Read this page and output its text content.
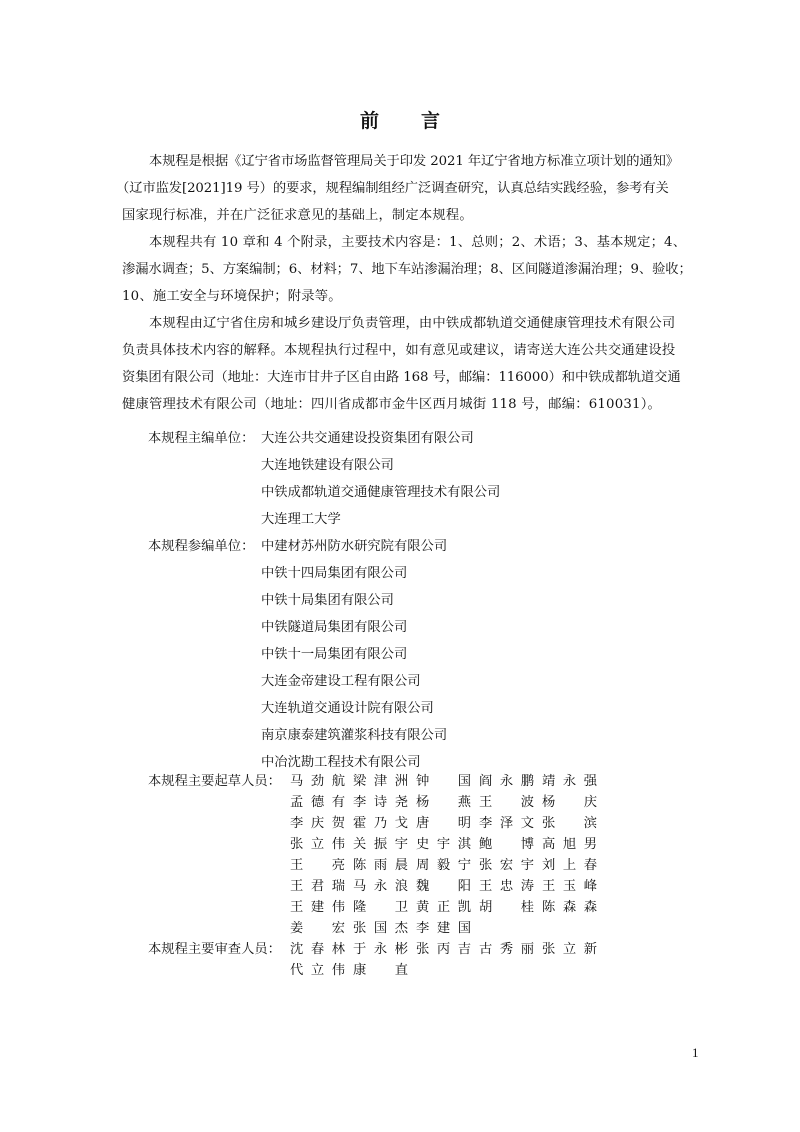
前 言
本规程是根据《辽宁省市场监督管理局关于印发 2021 年辽宁省地方标准立项计划的通知》
（辽市监发[2021]19 号）的要求，规程编制组经广泛调查研究，认真总结实践经验，参考有关
国家现行标准，并在广泛征求意见的基础上，制定本规程。
本规程共有 10 章和 4 个附录，主要技术内容是：1、总则；2、术语；3、基本规定；4、
渗漏水调查；5、方案编制；6、材料；7、地下车站渗漏治理；8、区间隧道渗漏治理；9、验收；
10、施工安全与环境保护；附录等。
本规程由辽宁省住房和城乡建设厅负责管理，由中铁成都轨道交通健康管理技术有限公司
负责具体技术内容的解释。本规程执行过程中，如有意见或建议，请寄送大连公共交通建设投
资集团有限公司（地址：大连市甘井子区自由路 168 号，邮编：116000）和中铁成都轨道交通
健康管理技术有限公司（地址：四川省成都市金牛区西月城街 118 号，邮编：610031）。
本规程主编单位： 大连公共交通建设投资集团有限公司
大连地铁建设有限公司
中铁成都轨道交通健康管理技术有限公司
大连理工大学
本规程参编单位： 中建材苏州防水研究院有限公司
中铁十四局集团有限公司
中铁十局集团有限公司
中铁隧道局集团有限公司
中铁十一局集团有限公司
大连金帝建设工程有限公司
大连轨道交通设计院有限公司
南京康泰建筑灌浆科技有限公司
中冶沈勘工程技术有限公司
本规程主要起草人员： 马劲航 梁津洲 钟国 阎永鹏 靖永强
孟德有 李诗尧 杨燕 王波 杨庆
李庆贺 霍乃戈 唐明 李泽文 张滨
张立伟 关振宇 史宇淇 鲍博 高旭男
王亮 陈雨晨 周毅宁 张宏宇 刘上春
王君瑞 马永浪 魏阳 王忠涛 王玉峰
王建伟 隆卫 黄正凯 胡桂 陈森森
姜宏 张国杰 李建国
本规程主要审查人员： 沈春林 于永彬 张丙吉 古秀丽 张立新
代立伟 康直
1
